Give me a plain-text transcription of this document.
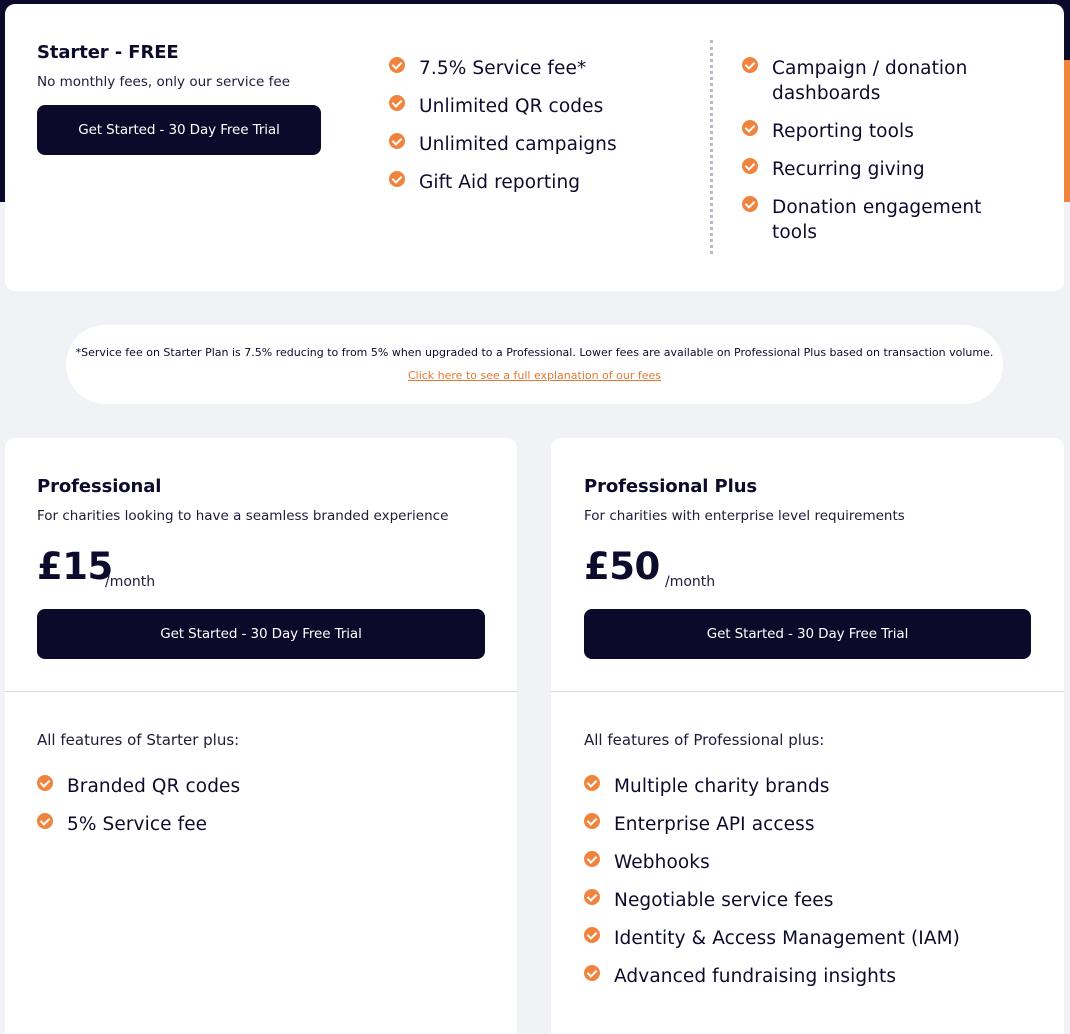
Starter - FREE
No monthly fees, only our service fee
Get Started - 30 Day Free Trial
7.5% Service fee*
Unlimited QR codes
Unlimited campaigns
Gift Aid reporting
Campaign / donation dashboards
Reporting tools
Recurring giving
Donation engagement tools
*Service fee on Starter Plan is 7.5% reducing to from 5% when upgraded to a Professional. Lower fees are available on Professional Plus based on transaction volume.
Click here to see a full explanation of our fees
Professional
For charities looking to have a seamless branded experience
£15
/month
Get Started - 30 Day Free Trial
All features of Starter plus:
Branded QR codes
5% Service fee
Professional Plus
For charities with enterprise level requirements
£50 /month
Get Started - 30 Day Free Trial
All features of Professional plus:
Multiple charity brands
Enterprise API access
Webhooks
Negotiable service fees
Identity & Access Management (IAM)
Advanced fundraising insights
